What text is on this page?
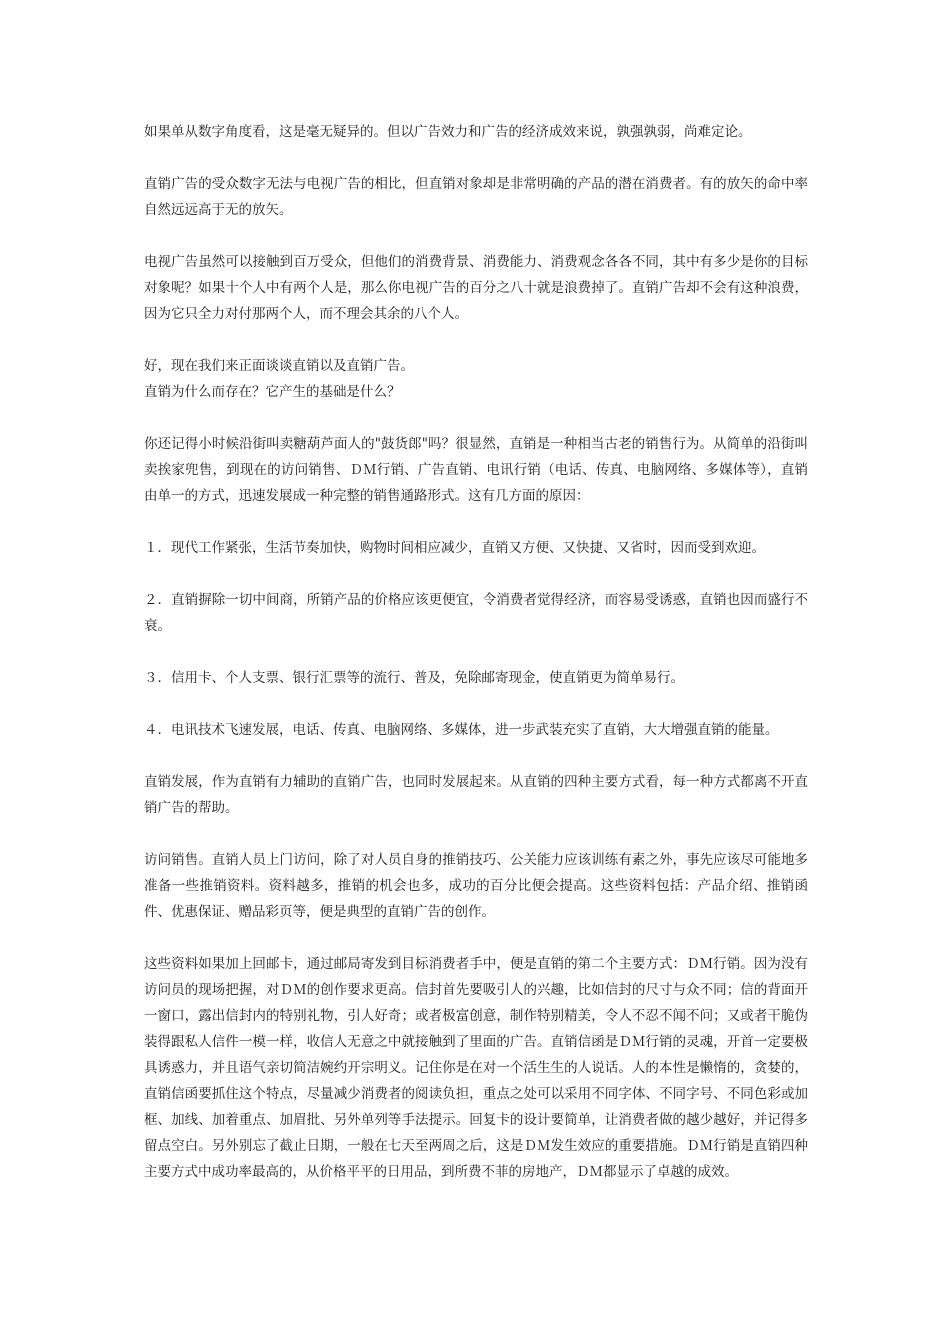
如果单从数字角度看，这是毫无疑异的。但以广告效力和广告的经济成效来说，孰强孰弱，尚难定论。

直销广告的受众数字无法与电视广告的相比，但直销对象却是非常明确的产品的潜在消费者。有的放矢的命中率自然远远高于无的放矢。

电视广告虽然可以接触到百万受众，但他们的消费背景、消费能力、消费观念各各不同，其中有多少是你的目标对象呢？如果十个人中有两个人是，那么你电视广告的百分之八十就是浪费掉了。直销广告却不会有这种浪费，因为它只全力对付那两个人，而不理会其余的八个人。

好，现在我们来正面谈谈直销以及直销广告。

直销为什么而存在？它产生的基础是什么？

你还记得小时候沿街叫卖糖葫芦面人的"鼓货郎"吗？很显然，直销是一种相当古老的销售行为。从简单的沿街叫卖挨家兜售，到现在的访问销售、ＤＭ行销、广告直销、电讯行销（电话、传真、电脑网络、多媒体等），直销由单一的方式，迅速发展成一种完整的销售通路形式。这有几方面的原因：

１．现代工作紧张，生活节奏加快，购物时间相应减少，直销又方便、又快捷、又省时，因而受到欢迎。

２．直销摒除一切中间商，所销产品的价格应该更便宜，令消费者觉得经济，而容易受诱惑，直销也因而盛行不衰。

３．信用卡、个人支票、银行汇票等的流行、普及，免除邮寄现金，使直销更为简单易行。

４．电讯技术飞速发展，电话、传真、电脑网络、多媒体，进一步武装充实了直销，大大增强直销的能量。

直销发展，作为直销有力辅助的直销广告，也同时发展起来。从直销的四种主要方式看，每一种方式都离不开直销广告的帮助。

访问销售。直销人员上门访问，除了对人员自身的推销技巧、公关能力应该训练有素之外，事先应该尽可能地多准备一些推销资料。资料越多，推销的机会也多，成功的百分比便会提高。这些资料包括：产品介绍、推销函件、优惠保证、赠品彩页等，便是典型的直销广告的创作。

这些资料如果加上回邮卡，通过邮局寄发到目标消费者手中，便是直销的第二个主要方式：ＤＭ行销。因为没有访问员的现场把握，对ＤＭ的创作要求更高。信封首先要吸引人的兴趣，比如信封的尺寸与众不同；信的背面开一窗口，露出信封内的特别礼物，引人好奇；或者极富创意，制作特别精美，令人不忍不闻不问；又或者干脆伪装得跟私人信件一模一样，收信人无意之中就接触到了里面的广告。直销信函是ＤＭ行销的灵魂，开首一定要极具诱惑力，并且语气亲切简洁婉约开宗明义。记住你是在对一个活生生的人说话。人的本性是懒惰的，贪婪的，直销信函要抓住这个特点，尽量减少消费者的阅读负担，重点之处可以采用不同字体、不同字号、不同色彩或加框、加线、加着重点、加眉批、另外单列等手法提示。回复卡的设计要简单，让消费者做的越少越好，并记得多留点空白。另外别忘了截止日期，一般在七天至两周之后，这是ＤＭ发生效应的重要措施。ＤＭ行销是直销四种主要方式中成功率最高的，从价格平平的日用品，到所费不菲的房地产，ＤＭ都显示了卓越的成效。
